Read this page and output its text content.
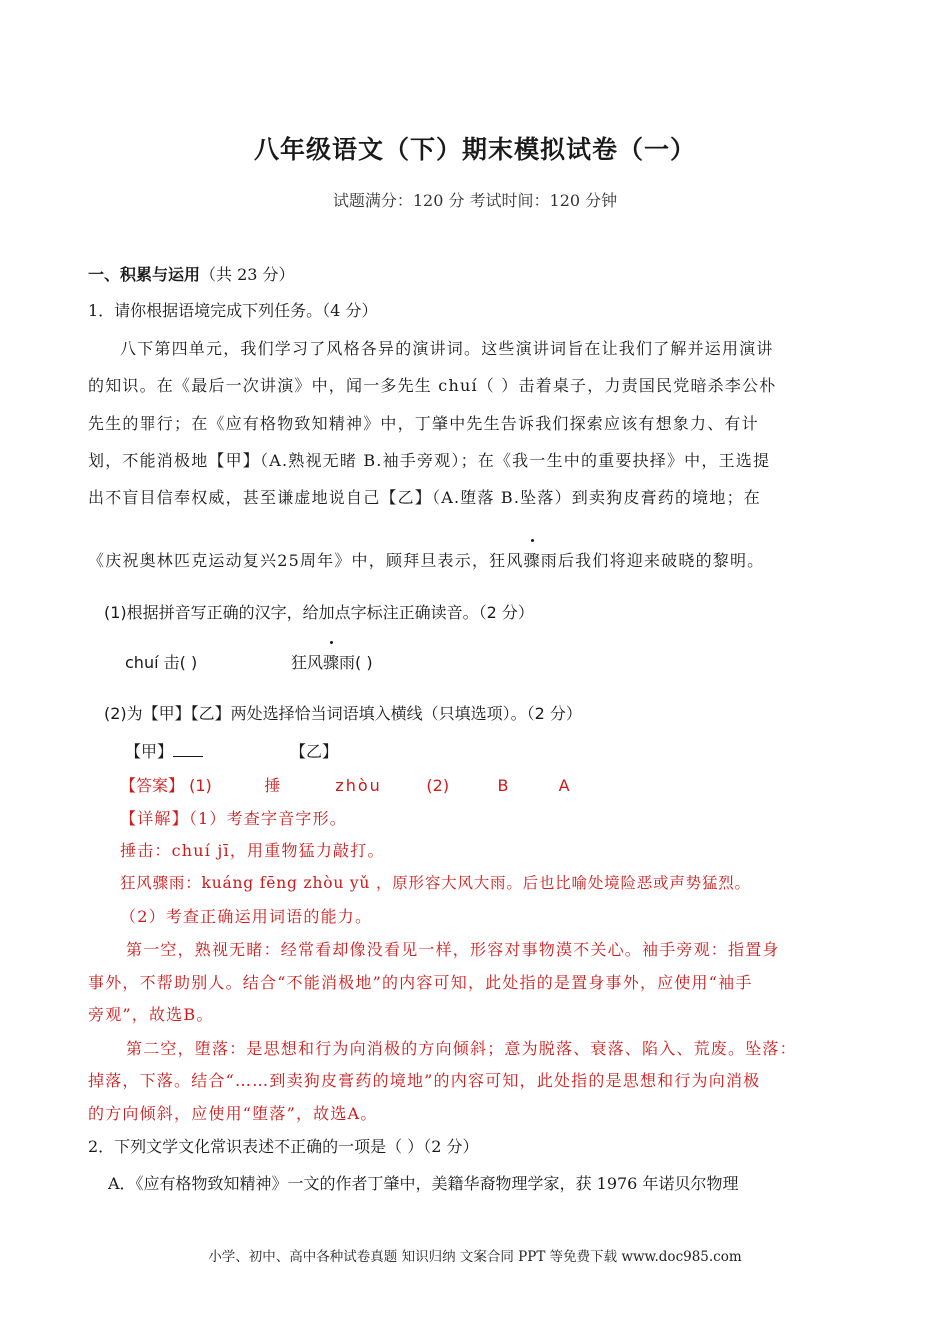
八年级语文（下）期末模拟试卷（一）
试题满分：120 分 考试时间：120 分钟
一、积累与运用（共 23 分）
1．请你根据语境完成下列任务。（4 分）
八下第四单元，我们学习了风格各异的演讲词。这些演讲词旨在让我们了解并运用演讲
的知识。在《最后一次讲演》中，闻一多先生 chuí（ ）击着桌子，力责国民党暗杀李公朴
先生的罪行；在《应有格物致知精神》中，丁肇中先生告诉我们探索应该有想象力、有计
划，不能消极地【甲】（A.熟视无睹 B.袖手旁观）；在《我一生中的重要抉择》中，王选提
出不盲目信奉权威，甚至谦虚地说自己【乙】（A.堕落 B.坠落）到卖狗皮膏药的境地；在
《庆祝奥林匹克运动复兴25周年》中，顾拜旦表示，狂风骤雨后我们将迎来破晓的黎明。
(1)根据拼音写正确的汉字，给加点字标注正确读音。（2 分）
chuí 击( )	狂风骤雨( )
(2)为【甲】【乙】两处选择恰当词语填入横线（只填选项）。（2 分）
【甲】	【乙】
【答案】 (1)	捶	zhòu	(2)	B	A
【详解】（1）考查字音字形。
捶击：chuí jī，用重物猛力敲打。
狂风骤雨：kuáng fēng zhòu yǔ ，原形容大风大雨。后也比喻处境险恶或声势猛烈。
（2）考查正确运用词语的能力。
第一空，熟视无睹：经常看却像没看见一样，形容对事物漠不关心。袖手旁观：指置身
事外，不帮助别人。结合“不能消极地”的内容可知，此处指的是置身事外，应使用“袖手
旁观”，故选B。
第二空，堕落：是思想和行为向消极的方向倾斜；意为脱落、衰落、陷入、荒废。坠落：
掉落，下落。结合“……到卖狗皮膏药的境地”的内容可知，此处指的是思想和行为向消极
的方向倾斜，应使用“堕落”，故选A。
2．下列文学文化常识表述不正确的一项是（ ）（2 分）
A．《应有格物致知精神》一文的作者丁肇中，美籍华裔物理学家，获 1976 年诺贝尔物理
小学、初中、高中各种试卷真题 知识归纳 文案合同 PPT 等免费下载 www.doc985.com
